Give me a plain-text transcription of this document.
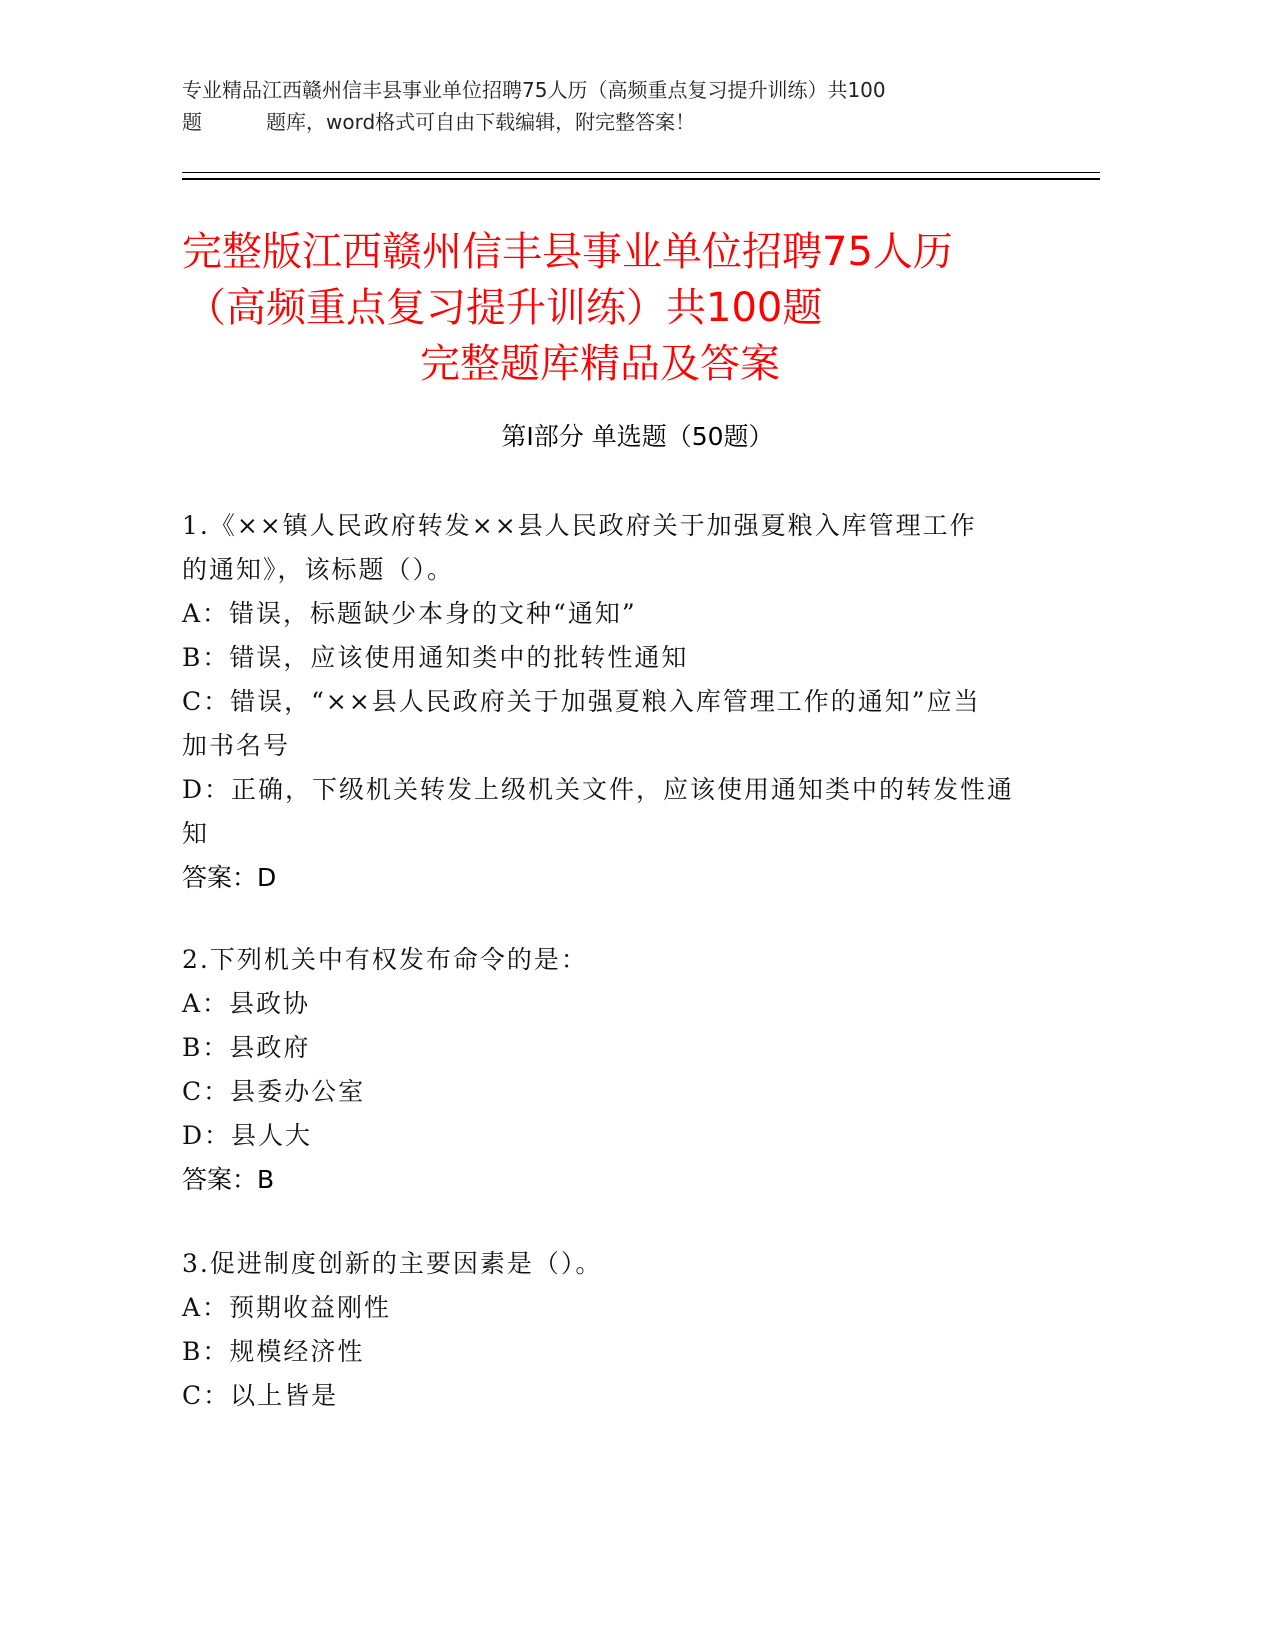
专业精品江西赣州信丰县事业单位招聘75人历（高频重点复习提升训练）共100
题	题库，word格式可自由下载编辑，附完整答案！
完整版江西赣州信丰县事业单位招聘75人历
（高频重点复习提升训练）共100题
完整题库精品及答案
第I部分 单选题（50题）
1.《××镇人民政府转发××县人民政府关于加强夏粮入库管理工作
的通知》，该标题（）。
A：错误，标题缺少本身的文种“通知”
B：错误，应该使用通知类中的批转性通知
C：错误，“××县人民政府关于加强夏粮入库管理工作的通知”应当
加书名号
D：正确，下级机关转发上级机关文件，应该使用通知类中的转发性通
知
答案：D
2.下列机关中有权发布命令的是：
A：县政协
B：县政府
C：县委办公室
D：县人大
答案：B
3.促进制度创新的主要因素是（）。
A：预期收益刚性
B：规模经济性
C：以上皆是
